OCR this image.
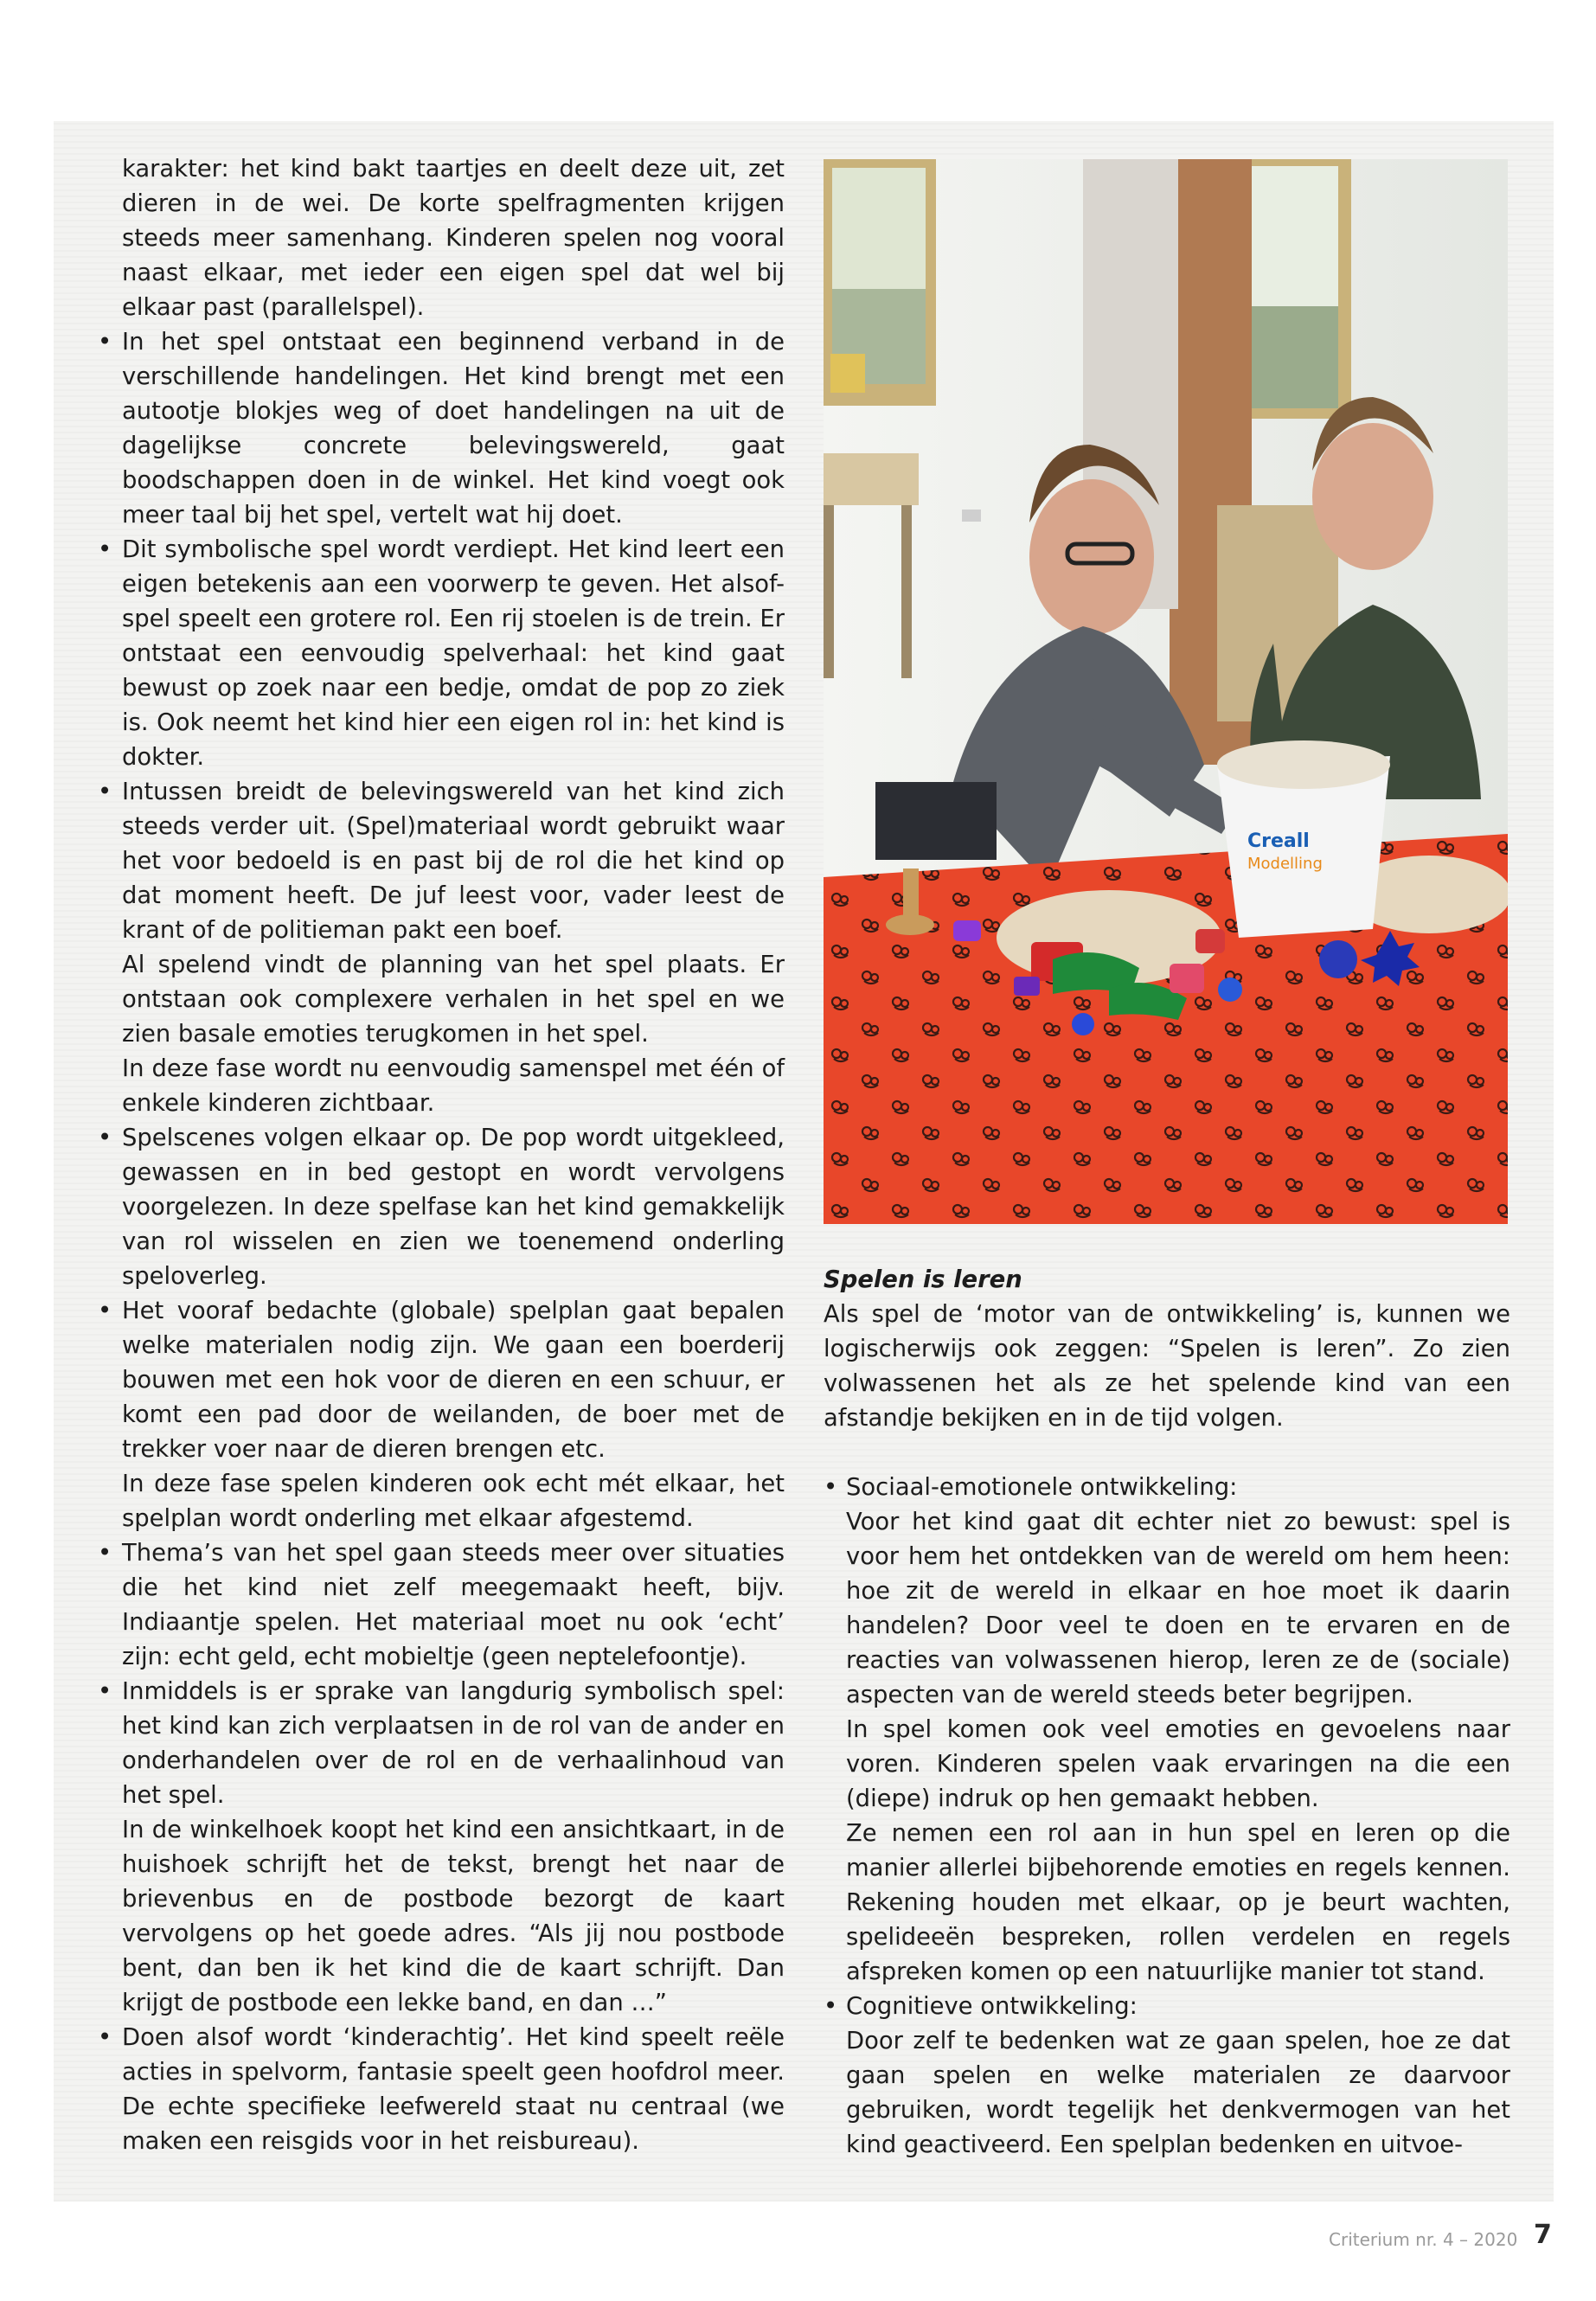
karakter: het kind bakt taartjes en deelt deze uit, zet dieren in de wei. De korte spelfragmenten krijgen steeds meer samenhang. Kinderen spelen nog vooral naast elkaar, met ieder een eigen spel dat wel bij elkaar past (parallelspel).

• In het spel ontstaat een beginnend verband in de verschillende handelingen. Het kind brengt met een autootje blokjes weg of doet handelingen na uit de dagelijkse concrete belevingswereld, gaat boodschappen doen in de winkel. Het kind voegt ook meer taal bij het spel, vertelt wat hij doet.

• Dit symbolische spel wordt verdiept. Het kind leert een eigen betekenis aan een voorwerp te geven. Het alsof-spel speelt een grotere rol. Een rij stoelen is de trein. Er ontstaat een eenvoudig spelverhaal: het kind gaat bewust op zoek naar een bedje, omdat de pop zo ziek is. Ook neemt het kind hier een eigen rol in: het kind is dokter.

• Intussen breidt de belevingswereld van het kind zich steeds verder uit. (Spel)materiaal wordt gebruikt waar het voor bedoeld is en past bij de rol die het kind op dat moment heeft. De juf leest voor, vader leest de krant of de politieman pakt een boef.
Al spelend vindt de planning van het spel plaats. Er ontstaan ook complexere verhalen in het spel en we zien basale emoties terugkomen in het spel.
In deze fase wordt nu eenvoudig samenspel met één of enkele kinderen zichtbaar.

• Spelscenes volgen elkaar op. De pop wordt uitgekleed, gewassen en in bed gestopt en wordt vervolgens voorgelezen. In deze spelfase kan het kind gemakkelijk van rol wisselen en zien we toenemend onderling speloverleg.

• Het vooraf bedachte (globale) spelplan gaat bepalen welke materialen nodig zijn. We gaan een boerderij bouwen met een hok voor de dieren en een schuur, er komt een pad door de weilanden, de boer met de trekker voer naar de dieren brengen etc.
In deze fase spelen kinderen ook echt mét elkaar, het spelplan wordt onderling met elkaar afgestemd.

• Thema’s van het spel gaan steeds meer over situaties die het kind niet zelf meegemaakt heeft, bijv. Indiaantje spelen. Het materiaal moet nu ook ‘echt’ zijn: echt geld, echt mobieltje (geen neptelefoontje).

• Inmiddels is er sprake van langdurig symbolisch spel: het kind kan zich verplaatsen in de rol van de ander en onderhandelen over de rol en de verhaalinhoud van het spel.
In de winkelhoek koopt het kind een ansichtkaart, in de huishoek schrijft het de tekst, brengt het naar de brievenbus en de postbode bezorgt de kaart vervolgens op het goede adres. “Als jij nou postbode bent, dan ben ik het kind die de kaart schrijft. Dan krijgt de postbode een lekke band, en dan …”

• Doen alsof wordt ‘kinderachtig’. Het kind speelt reële acties in spelvorm, fantasie speelt geen hoofdrol meer. De echte specifieke leefwereld staat nu centraal (we maken een reisgids voor in het reisbureau).

Creall
Modelling

Spelen is leren

Als spel de ‘motor van de ontwikkeling’ is, kunnen we logischerwijs ook zeggen: “Spelen is leren”. Zo zien volwassenen het als ze het spelende kind van een afstandje bekijken en in de tijd volgen.

• Sociaal-emotionele ontwikkeling:
Voor het kind gaat dit echter niet zo bewust: spel is voor hem het ontdekken van de wereld om hem heen: hoe zit de wereld in elkaar en hoe moet ik daarin handelen? Door veel te doen en te ervaren en de reacties van volwassenen hierop, leren ze de (sociale) aspecten van de wereld steeds beter begrijpen.
In spel komen ook veel emoties en gevoelens naar voren. Kinderen spelen vaak ervaringen na die een (diepe) indruk op hen gemaakt hebben.
Ze nemen een rol aan in hun spel en leren op die manier allerlei bijbehorende emoties en regels kennen. Rekening houden met elkaar, op je beurt wachten, spelideeën bespreken, rollen verdelen en regels afspreken komen op een natuurlijke manier tot stand.

• Cognitieve ontwikkeling:
Door zelf te bedenken wat ze gaan spelen, hoe ze dat gaan spelen en welke materialen ze daarvoor gebruiken, wordt tegelijk het denkvermogen van het kind geactiveerd. Een spelplan bedenken en uitvoe-

Criterium nr. 4 – 2020 7
